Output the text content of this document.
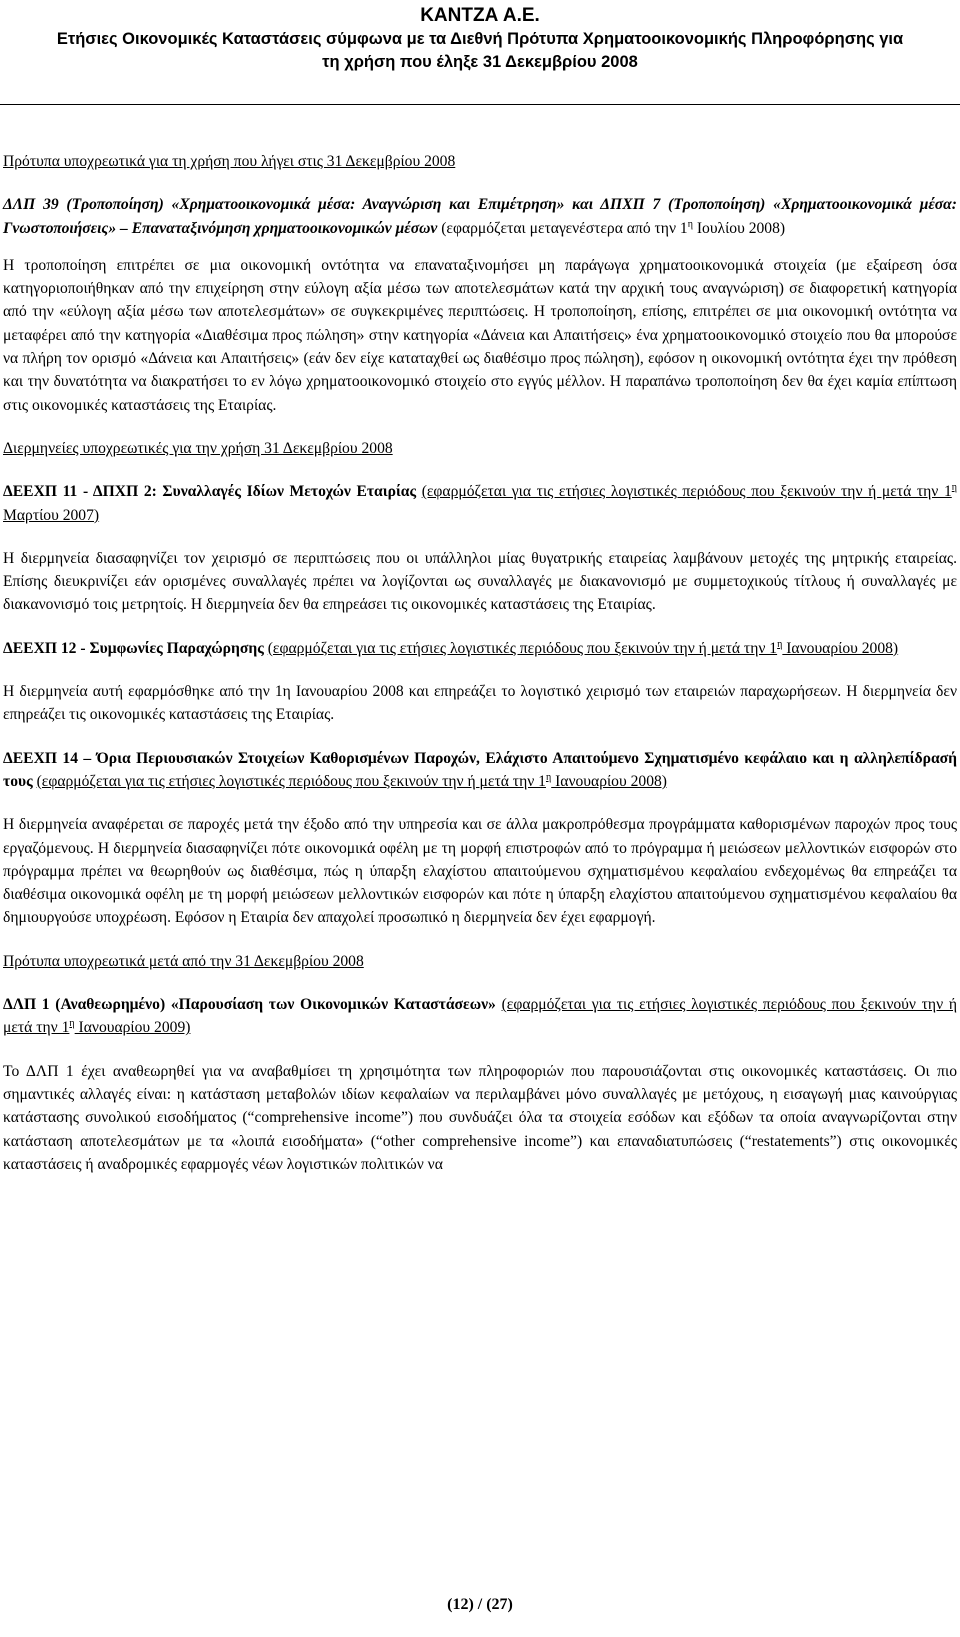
ΚΑΝΤΖΑ Α.Ε.
Ετήσιες Οικονομικές Καταστάσεις σύμφωνα με τα Διεθνή Πρότυπα Χρηματοοικονομικής Πληροφόρησης για
τη χρήση που έληξε 31 Δεκεμβρίου 2008

Πρότυπα υποχρεωτικά για τη χρήση που λήγει στις 31 Δεκεμβρίου 2008

ΔΛΠ 39 (Τροποποίηση) «Χρηματοοικονομικά μέσα: Αναγνώριση και Επιμέτρηση» και ΔΠΧΠ 7 (Τροποποίηση) «Χρηματοοικονομικά μέσα: Γνωστοποιήσεις» – Επαναταξινόμηση χρηματοοικονομικών μέσων (εφαρμόζεται μεταγενέστερα από την $1^\eta$ Ιουλίου 2008)

Η τροποποίηση επιτρέπει σε μια οικονομική οντότητα να επαναταξινομήσει μη παράγωγα χρηματοοικονομικά στοιχεία (με εξαίρεση όσα κατηγοριοποιήθηκαν από την επιχείρηση στην εύλογη αξία μέσω των αποτελεσμάτων κατά την αρχική τους αναγνώριση) σε διαφορετική κατηγορία από την «εύλογη αξία μέσω των αποτελεσμάτων» σε συγκεκριμένες περιπτώσεις. Η τροποποίηση, επίσης, επιτρέπει σε μια οικονομική οντότητα να μεταφέρει από την κατηγορία «Διαθέσιμα προς πώληση» στην κατηγορία «Δάνεια και Απαιτήσεις» ένα χρηματοοικονομικό στοιχείο που θα μπορούσε να πλήρη τον ορισμό «Δάνεια και Απαιτήσεις» (εάν δεν είχε καταταχθεί ως διαθέσιμο προς πώληση), εφόσον η οικονομική οντότητα έχει την πρόθεση και την δυνατότητα να διακρατήσει το εν λόγω χρηματοοικονομικό στοιχείο στο εγγύς μέλλον. Η παραπάνω τροποποίηση δεν θα έχει καμία επίπτωση στις οικονομικές καταστάσεις της Εταιρίας.

Διερμηνείες υποχρεωτικές για την χρήση 31 Δεκεμβρίου 2008

ΔΕΕΧΠ 11 - ΔΠΧΠ 2: Συναλλαγές Ιδίων Μετοχών Εταιρίας (εφαρμόζεται για τις ετήσιες λογιστικές περιόδους που ξεκινούν την ή μετά την $1^\eta$ Μαρτίου 2007)

Η διερμηνεία διασαφηνίζει τον χειρισμό σε περιπτώσεις που οι υπάλληλοι μίας θυγατρικής εταιρείας λαμβάνουν μετοχές της μητρικής εταιρείας. Επίσης διευκρινίζει εάν ορισμένες συναλλαγές πρέπει να λογίζονται ως συναλλαγές με διακανονισμό με συμμετοχικούς τίτλους ή συναλλαγές με διακανονισμό τοις μετρητοίς. Η διερμηνεία δεν θα επηρεάσει τις οικονομικές καταστάσεις της Εταιρίας.

ΔΕΕΧΠ 12 - Συμφωνίες Παραχώρησης (εφαρμόζεται για τις ετήσιες λογιστικές περιόδους που ξεκινούν την ή μετά την $1^\eta$ Ιανουαρίου 2008)

Η διερμηνεία αυτή εφαρμόσθηκε από την 1η Ιανουαρίου 2008 και επηρεάζει το λογιστικό χειρισμό των εταιρειών παραχωρήσεων. Η διερμηνεία δεν επηρεάζει τις οικονομικές καταστάσεις της Εταιρίας.

ΔΕΕΧΠ 14 – Όρια Περιουσιακών Στοιχείων Καθορισμένων Παροχών, Ελάχιστο Απαιτούμενο Σχηματισμένο κεφάλαιο και η αλληλεπίδρασή τους (εφαρμόζεται για τις ετήσιες λογιστικές περιόδους που ξεκινούν την ή μετά την $1^\eta$ Ιανουαρίου 2008)

Η διερμηνεία αναφέρεται σε παροχές μετά την έξοδο από την υπηρεσία και σε άλλα μακροπρόθεσμα προγράμματα καθορισμένων παροχών προς τους εργαζόμενους. Η διερμηνεία διασαφηνίζει πότε οικονομικά οφέλη με τη μορφή επιστροφών από το πρόγραμμα ή μειώσεων μελλοντικών εισφορών στο πρόγραμμα πρέπει να θεωρηθούν ως διαθέσιμα, πώς η ύπαρξη ελαχίστου απαιτούμενου σχηματισμένου κεφαλαίου ενδεχομένως θα επηρεάζει τα διαθέσιμα οικονομικά οφέλη με τη μορφή μειώσεων μελλοντικών εισφορών και πότε η ύπαρξη ελαχίστου απαιτούμενου σχηματισμένου κεφαλαίου θα δημιουργούσε υποχρέωση. Εφόσον η Εταιρία δεν απαχολεί προσωπικό η διερμηνεία δεν έχει εφαρμογή.

Πρότυπα υποχρεωτικά μετά από την 31 Δεκεμβρίου 2008

ΔΛΠ 1 (Αναθεωρημένο) «Παρουσίαση των Οικονομικών Καταστάσεων» (εφαρμόζεται για τις ετήσιες λογιστικές περιόδους που ξεκινούν την ή μετά την $1^\eta$ Ιανουαρίου 2009)

Το ΔΛΠ 1 έχει αναθεωρηθεί για να αναβαθμίσει τη χρησιμότητα των πληροφοριών που παρουσιάζονται στις οικονομικές καταστάσεις. Οι πιο σημαντικές αλλαγές είναι: η κατάσταση μεταβολών ιδίων κεφαλαίων να περιλαμβάνει μόνο συναλλαγές με μετόχους, η εισαγωγή μιας καινούργιας κατάστασης συνολικού εισοδήματος (“comprehensive income”) που συνδυάζει όλα τα στοιχεία εσόδων και εξόδων τα οποία αναγνωρίζονται στην κατάσταση αποτελεσμάτων με τα «λοιπά εισοδήματα» (“other comprehensive income”) και επαναδιατυπώσεις (“restatements”) στις οικονομικές καταστάσεις ή αναδρομικές εφαρμογές νέων λογιστικών πολιτικών να

(12) / (27)
